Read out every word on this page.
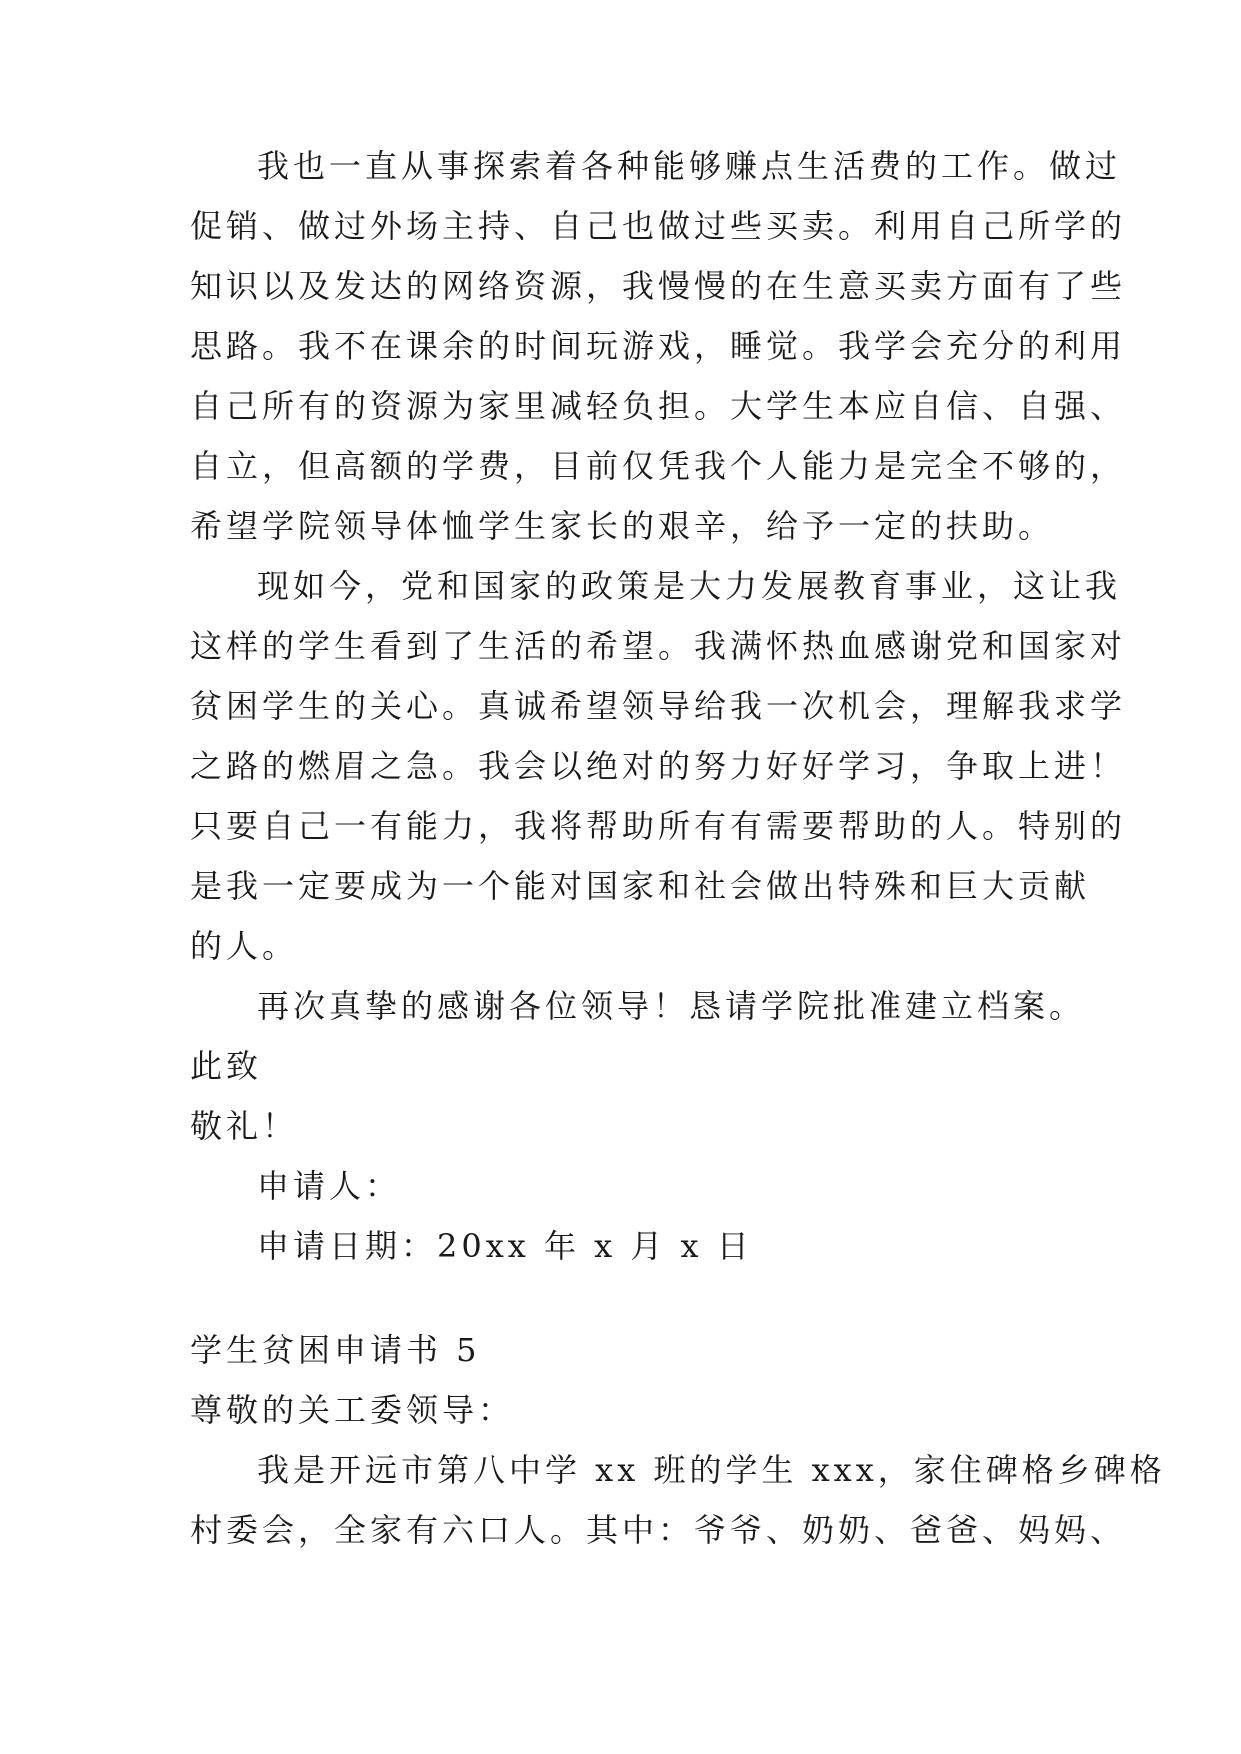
我也一直从事探索着各种能够赚点生活费的工作。做过
促销、做过外场主持、自己也做过些买卖。利用自己所学的
知识以及发达的网络资源，我慢慢的在生意买卖方面有了些
思路。我不在课余的时间玩游戏，睡觉。我学会充分的利用
自己所有的资源为家里减轻负担。大学生本应自信、自强、
自立，但高额的学费，目前仅凭我个人能力是完全不够的，
希望学院领导体恤学生家长的艰辛，给予一定的扶助。
现如今，党和国家的政策是大力发展教育事业，这让我
这样的学生看到了生活的希望。我满怀热血感谢党和国家对
贫困学生的关心。真诚希望领导给我一次机会，理解我求学
之路的燃眉之急。我会以绝对的努力好好学习，争取上进！
只要自己一有能力，我将帮助所有有需要帮助的人。特别的
是我一定要成为一个能对国家和社会做出特殊和巨大贡献
的人。
再次真挚的感谢各位领导！恳请学院批准建立档案。
此致
敬礼！
申请人：
申请日期：20xx 年 x 月 x 日
学生贫困申请书 5
尊敬的关工委领导：
我是开远市第八中学 xx 班的学生 xxx，家住碑格乡碑格
村委会，全家有六口人。其中：爷爷、奶奶、爸爸、妈妈、
